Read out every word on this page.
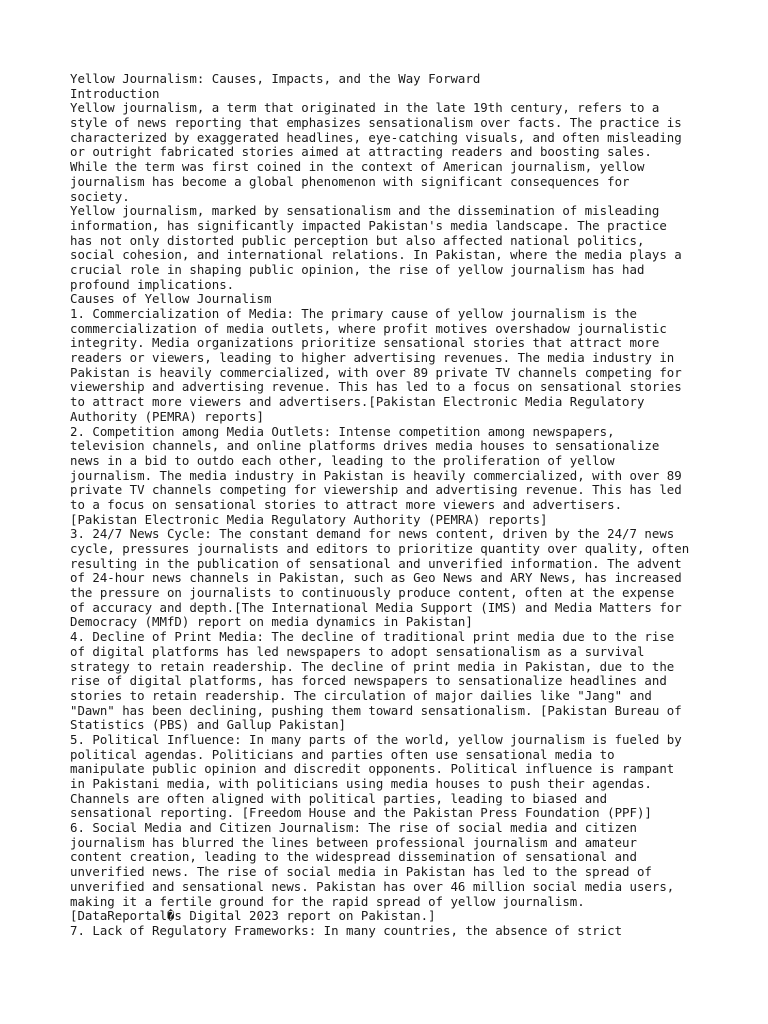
Yellow Journalism: Causes, Impacts, and the Way Forward
Introduction
Yellow journalism, a term that originated in the late 19th century, refers to a
style of news reporting that emphasizes sensationalism over facts. The practice is
characterized by exaggerated headlines, eye-catching visuals, and often misleading
or outright fabricated stories aimed at attracting readers and boosting sales.
While the term was first coined in the context of American journalism, yellow
journalism has become a global phenomenon with significant consequences for
society.
Yellow journalism, marked by sensationalism and the dissemination of misleading
information, has significantly impacted Pakistan's media landscape. The practice
has not only distorted public perception but also affected national politics,
social cohesion, and international relations. In Pakistan, where the media plays a
crucial role in shaping public opinion, the rise of yellow journalism has had
profound implications.
Causes of Yellow Journalism
1. Commercialization of Media: The primary cause of yellow journalism is the
commercialization of media outlets, where profit motives overshadow journalistic
integrity. Media organizations prioritize sensational stories that attract more
readers or viewers, leading to higher advertising revenues. The media industry in
Pakistan is heavily commercialized, with over 89 private TV channels competing for
viewership and advertising revenue. This has led to a focus on sensational stories
to attract more viewers and advertisers.[Pakistan Electronic Media Regulatory
Authority (PEMRA) reports]
2. Competition among Media Outlets: Intense competition among newspapers,
television channels, and online platforms drives media houses to sensationalize
news in a bid to outdo each other, leading to the proliferation of yellow
journalism. The media industry in Pakistan is heavily commercialized, with over 89
private TV channels competing for viewership and advertising revenue. This has led
to a focus on sensational stories to attract more viewers and advertisers.
[Pakistan Electronic Media Regulatory Authority (PEMRA) reports]
3. 24/7 News Cycle: The constant demand for news content, driven by the 24/7 news
cycle, pressures journalists and editors to prioritize quantity over quality, often
resulting in the publication of sensational and unverified information. The advent
of 24-hour news channels in Pakistan, such as Geo News and ARY News, has increased
the pressure on journalists to continuously produce content, often at the expense
of accuracy and depth.[The International Media Support (IMS) and Media Matters for
Democracy (MMfD) report on media dynamics in Pakistan]
4. Decline of Print Media: The decline of traditional print media due to the rise
of digital platforms has led newspapers to adopt sensationalism as a survival
strategy to retain readership. The decline of print media in Pakistan, due to the
rise of digital platforms, has forced newspapers to sensationalize headlines and
stories to retain readership. The circulation of major dailies like "Jang" and
"Dawn" has been declining, pushing them toward sensationalism. [Pakistan Bureau of
Statistics (PBS) and Gallup Pakistan]
5. Political Influence: In many parts of the world, yellow journalism is fueled by
political agendas. Politicians and parties often use sensational media to
manipulate public opinion and discredit opponents. Political influence is rampant
in Pakistani media, with politicians using media houses to push their agendas.
Channels are often aligned with political parties, leading to biased and
sensational reporting. [Freedom House and the Pakistan Press Foundation (PPF)]
6. Social Media and Citizen Journalism: The rise of social media and citizen
journalism has blurred the lines between professional journalism and amateur
content creation, leading to the widespread dissemination of sensational and
unverified news. The rise of social media in Pakistan has led to the spread of
unverified and sensational news. Pakistan has over 46 million social media users,
making it a fertile ground for the rapid spread of yellow journalism.
[DataReportal�s Digital 2023 report on Pakistan.]
7. Lack of Regulatory Frameworks: In many countries, the absence of strict
